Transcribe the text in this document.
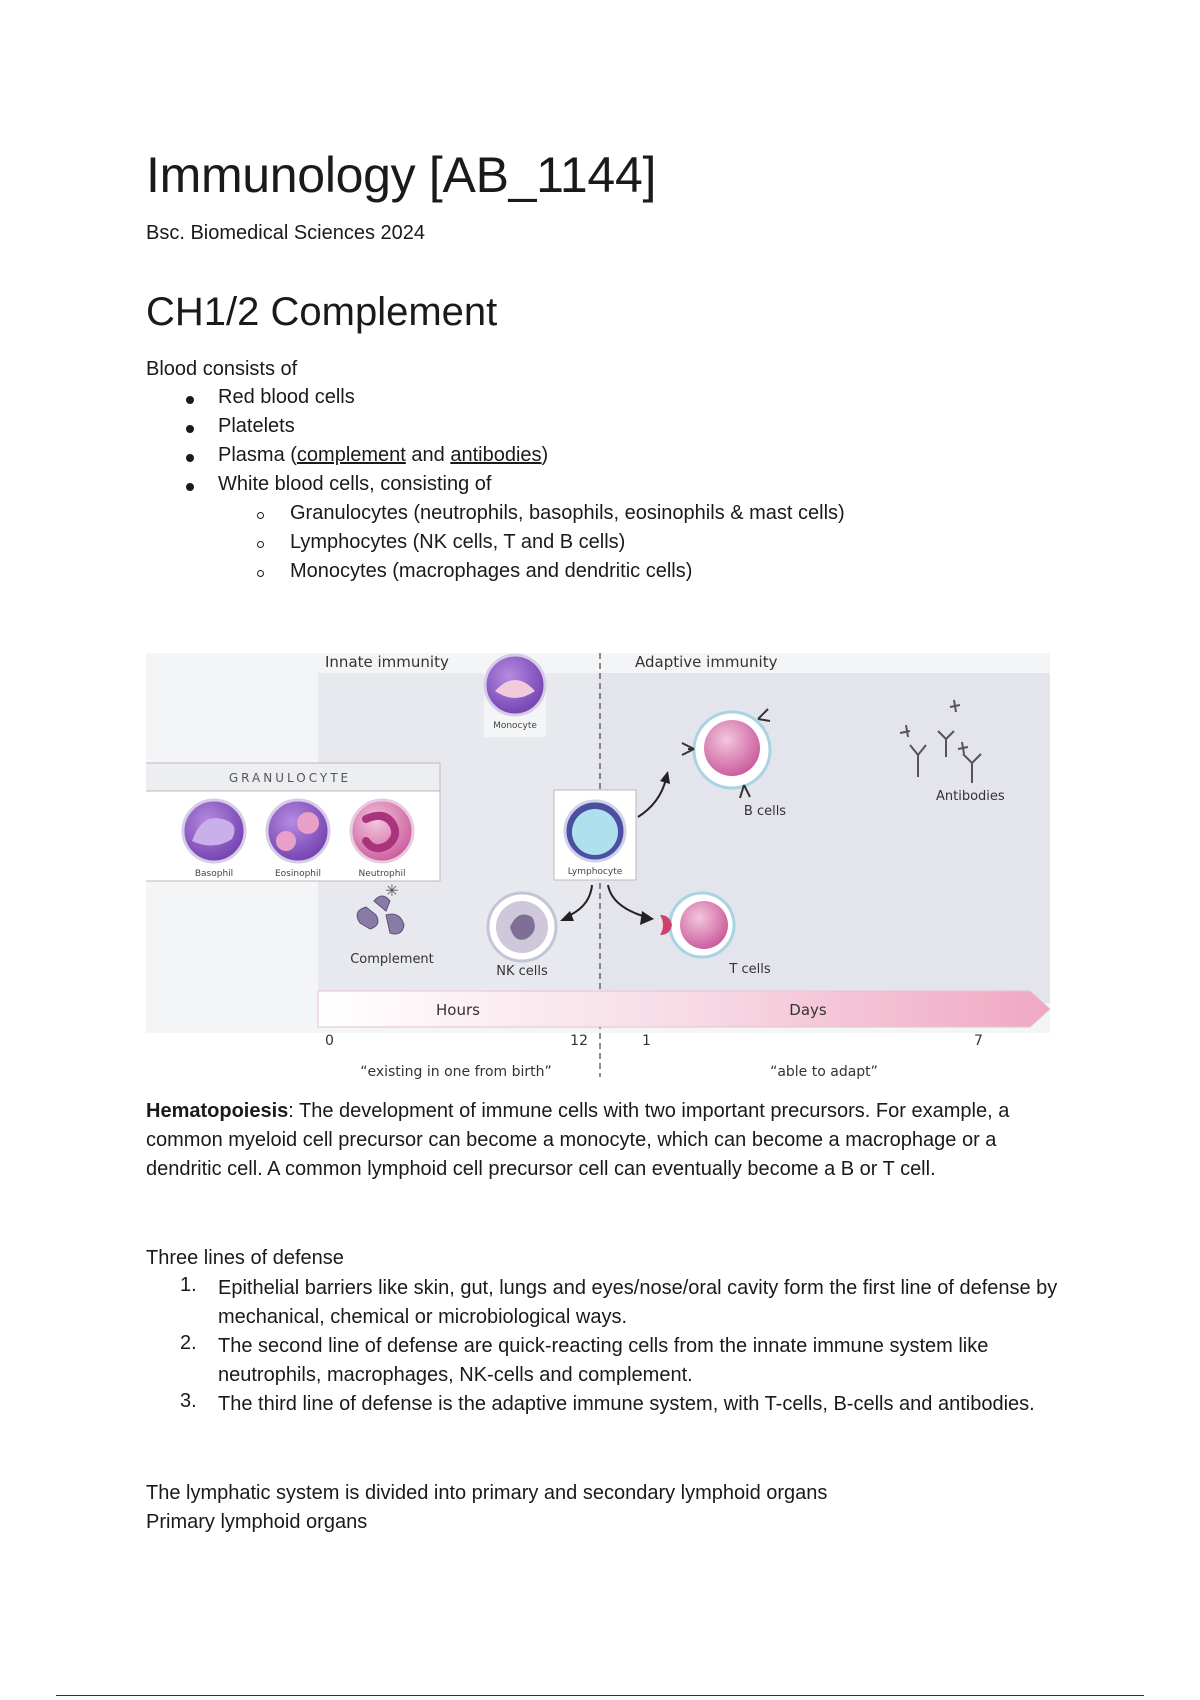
Immunology [AB_1144]
Bsc. Biomedical Sciences 2024
CH1/2 Complement
Blood consists of
Red blood cells
Platelets
Plasma (complement and antibodies)
White blood cells, consisting of
Granulocytes (neutrophils, basophils, eosinophils & mast cells)
Lymphocytes (NK cells, T and B cells)
Monocytes (macrophages and dendritic cells)
Hematopoiesis: The development of immune cells with two important precursors. For example, a common myeloid cell precursor can become a monocyte, which can become a macrophage or a dendritic cell. A common lymphoid cell precursor cell can eventually become a B or T cell.
Three lines of defense
1. Epithelial barriers like skin, gut, lungs and eyes/nose/oral cavity form the first line of defense by mechanical, chemical or microbiological ways.
2. The second line of defense are quick-reacting cells from the innate immune system like neutrophils, macrophages, NK-cells and complement.
3. The third line of defense is the adaptive immune system, with T-cells, B-cells and antibodies.
The lymphatic system is divided into primary and secondary lymphoid organs
Primary lymphoid organs
Innate immunity	Adaptive immunity
Monocyte
GRANULOCYTE
Basophil	Eosinophil	Neutrophil	Lymphocyte
B cells
Antibodies
✳
Complement
NK cells	T cells
Hours	Days
0	12	1	7
“existing in one from birth”	“able to adapt”
